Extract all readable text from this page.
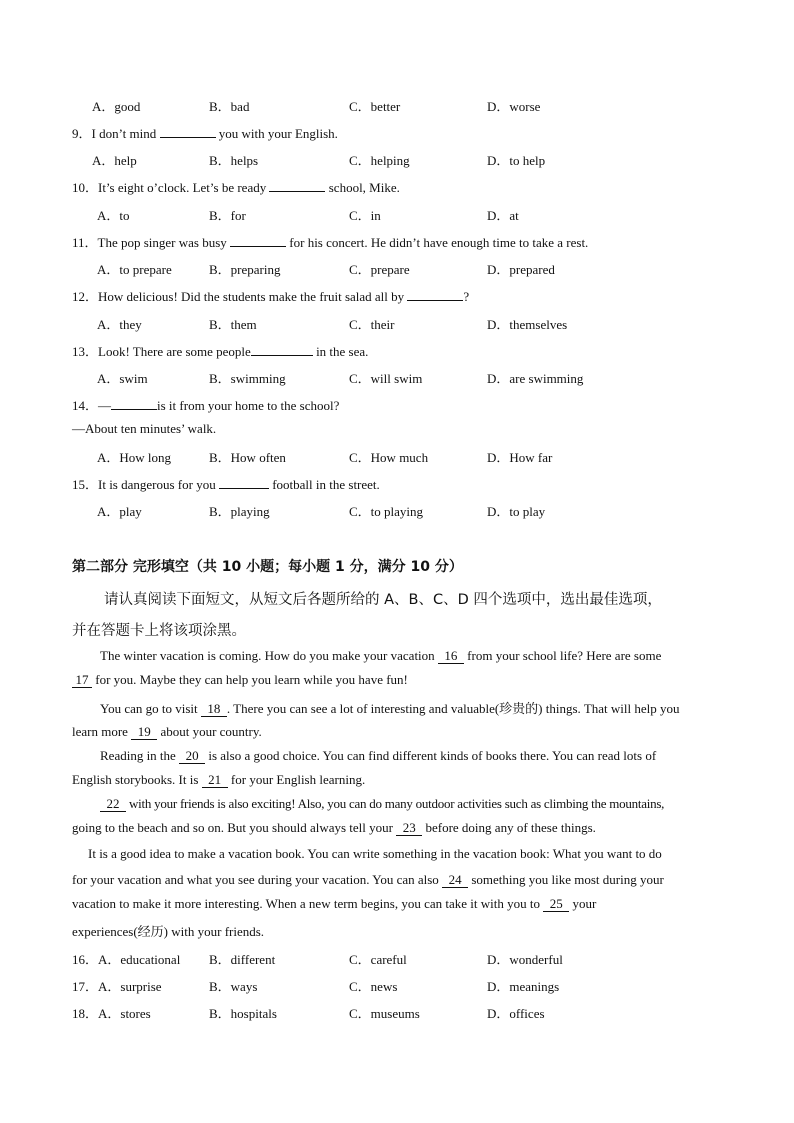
A．good	B．bad	C．better	D．worse
9．I don’t mind	you with your English.
A．help	B．helps	C．helping	D．to help
10．It’s eight o’clock. Let’s be ready	school, Mike.
A．to	B．for	C．in	D．at
11．The pop singer was busy	for his concert. He didn’t have enough time to take a rest.
A．to prepare	B．preparing	C．prepare	D．prepared
12．How delicious! Did the students make the fruit salad all by	?
A．they	B．them	C．their	D．themselves
13．Look! There are some people	in the sea.
A．swim	B．swimming	C．will swim	D．are swimming
14．—	is it from your home to the school?
—About ten minutes’ walk.
A．How long	B．How often	C．How much	D．How far
15．It is dangerous for you	football in the street.
A．play	B．playing	C．to playing	D．to play
第二部分 完形填空（共 10 小题；每小题 1 分，满分 10 分）
请认真阅读下面短文，从短文后各题所给的 A、B、C、D 四个选项中，选出最佳选项，
并在答题卡上将该项涂黑。
The winter vacation is coming. How do you make your vacation 16 from your school life? Here are some
17 for you. Maybe they can help you learn while you have fun!
You can go to visit 18 . There you can see a lot of interesting and valuable(珍贵的) things. That will help you
learn more 19 about your country.
Reading in the 20 is also a good choice. You can find different kinds of books there. You can read lots of
English storybooks. It is 21 for your English learning.
22 with your friends is also exciting! Also, you can do many outdoor activities such as climbing the mountains,
going to the beach and so on. But you should always tell your 23 before doing any of these things.
It is a good idea to make a vacation book. You can write something in the vacation book: What you want to do
for your vacation and what you see during your vacation. You can also 24 something you like most during your
vacation to make it more interesting. When a new term begins, you can take it with you to 25 your
experiences(经历) with your friends.
16．A．educational B．different	C．careful	D．wonderful
17．A．surprise	B．ways	C．news	D．meanings
18．A．stores	B．hospitals	C．museums	D．offices
